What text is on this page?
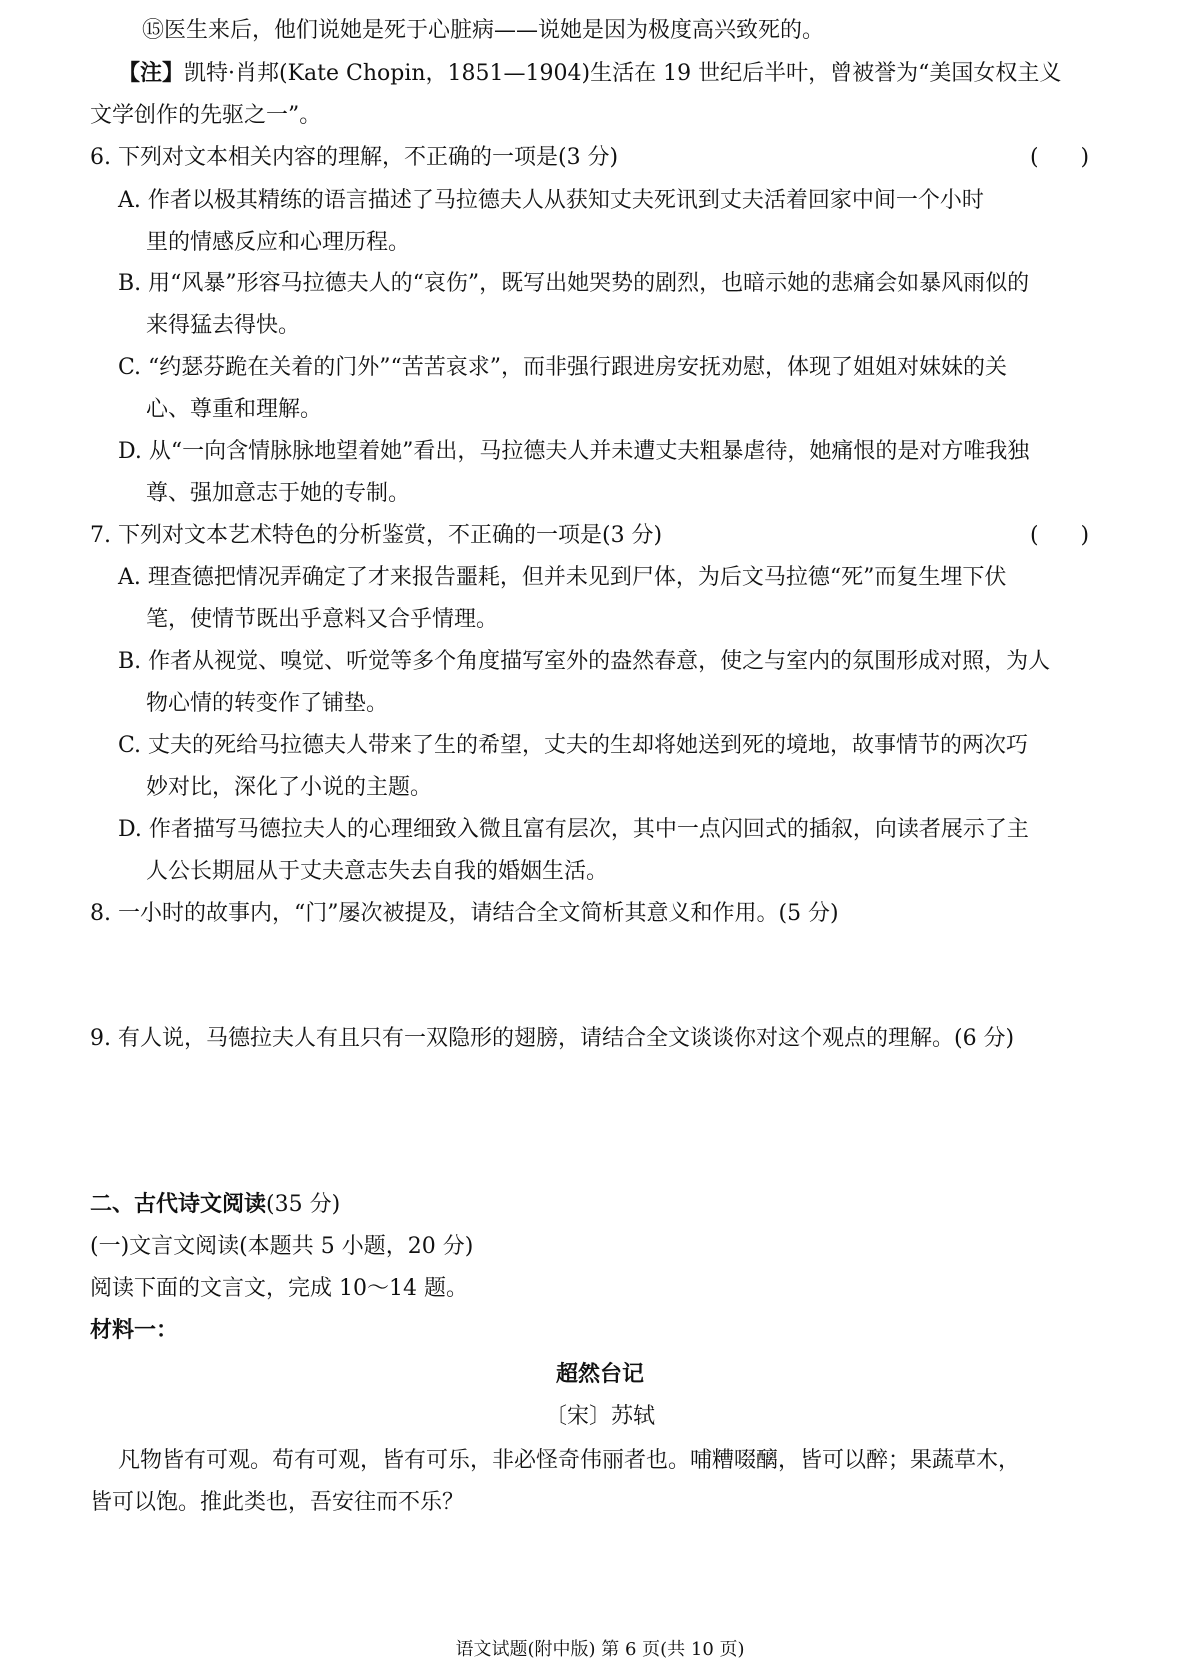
⑮医生来后，他们说她是死于心脏病——说她是因为极度高兴致死的。
【注】凯特·肖邦(Kate Chopin，1851—1904)生活在 19 世纪后半叶，曾被誉为“美国女权主义
文学创作的先驱之一”。
6. 下列对文本相关内容的理解，不正确的一项是(3 分)	(      )
A. 作者以极其精练的语言描述了马拉德夫人从获知丈夫死讯到丈夫活着回家中间一个小时
里的情感反应和心理历程。
B. 用“风暴”形容马拉德夫人的“哀伤”，既写出她哭势的剧烈，也暗示她的悲痛会如暴风雨似的
来得猛去得快。
C. “约瑟芬跪在关着的门外”“苦苦哀求”，而非强行跟进房安抚劝慰，体现了姐姐对妹妹的关
心、尊重和理解。
D. 从“一向含情脉脉地望着她”看出，马拉德夫人并未遭丈夫粗暴虐待，她痛恨的是对方唯我独
尊、强加意志于她的专制。
7. 下列对文本艺术特色的分析鉴赏，不正确的一项是(3 分)	(      )
A. 理查德把情况弄确定了才来报告噩耗，但并未见到尸体，为后文马拉德“死”而复生埋下伏
笔，使情节既出乎意料又合乎情理。
B. 作者从视觉、嗅觉、听觉等多个角度描写室外的盎然春意，使之与室内的氛围形成对照，为人
物心情的转变作了铺垫。
C. 丈夫的死给马拉德夫人带来了生的希望，丈夫的生却将她送到死的境地，故事情节的两次巧
妙对比，深化了小说的主题。
D. 作者描写马德拉夫人的心理细致入微且富有层次，其中一点闪回式的插叙，向读者展示了主
人公长期屈从于丈夫意志失去自我的婚姻生活。
8. 一小时的故事内，“门”屡次被提及，请结合全文简析其意义和作用。(5 分)
9. 有人说，马德拉夫人有且只有一双隐形的翅膀，请结合全文谈谈你对这个观点的理解。(6 分)
二、古代诗文阅读(35 分)
(一)文言文阅读(本题共 5 小题，20 分)
阅读下面的文言文，完成 10～14 题。
材料一：
超然台记
〔宋〕苏轼
凡物皆有可观。苟有可观，皆有可乐，非必怪奇伟丽者也。哺糟啜醨，皆可以醉；果蔬草木，
皆可以饱。推此类也，吾安往而不乐？
语文试题(附中版) 第 6 页(共 10 页)
